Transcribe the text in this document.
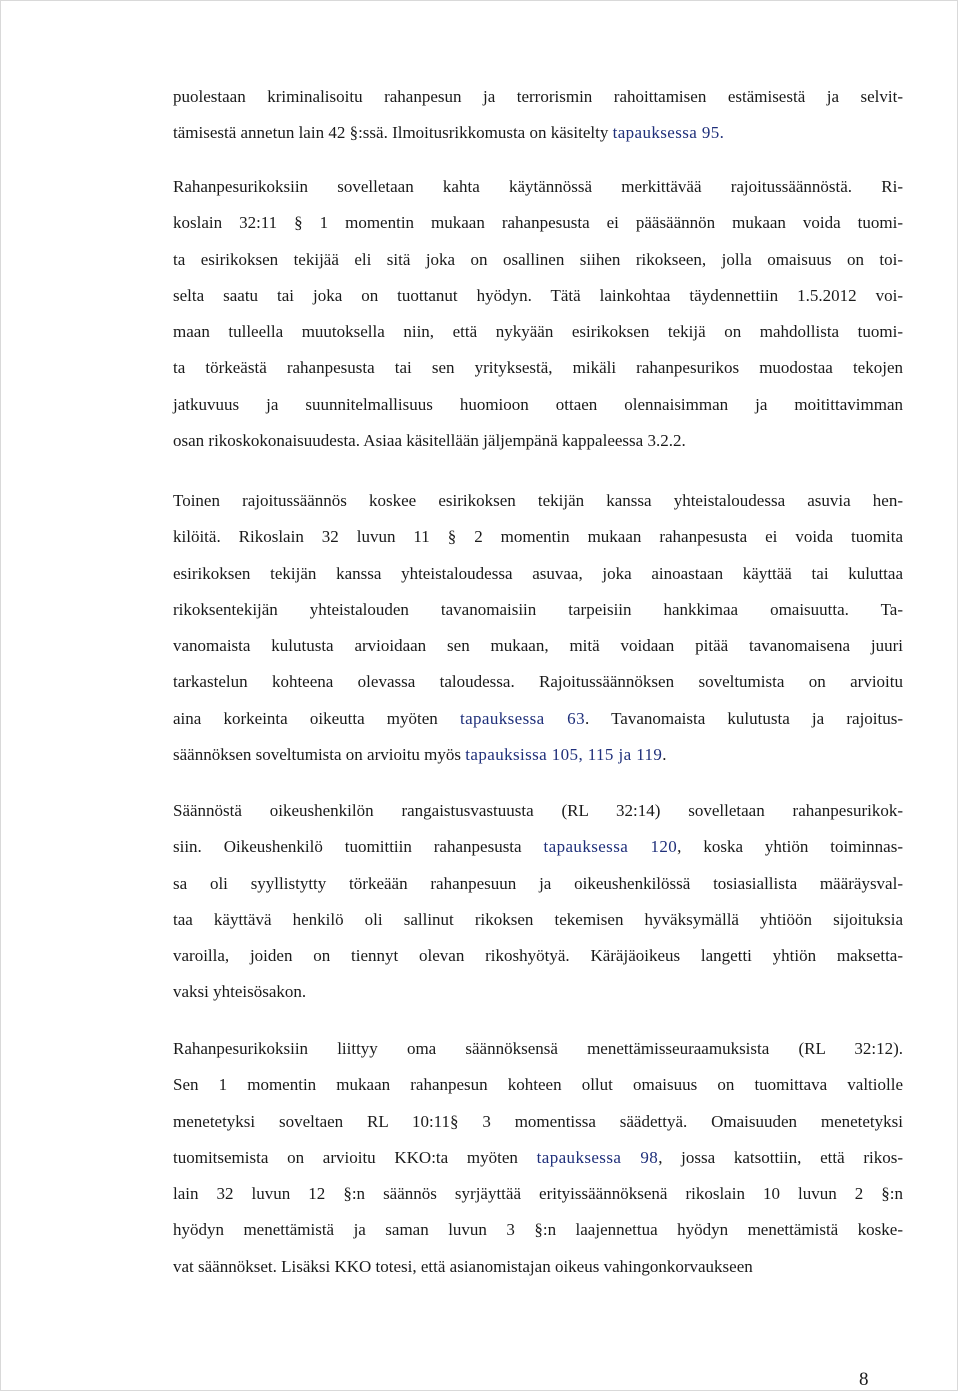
puolestaan kriminalisoitu rahanpesun ja terrorismin rahoittamisen estämisestä ja selvit-
tämisestä annetun lain 42 §:ssä. Ilmoitusrikkomusta on käsitelty tapauksessa 95.
Rahanpesurikoksiin sovelletaan kahta käytännössä merkittävää rajoitussäännöstä. Ri-
koslain 32:11 § 1 momentin mukaan rahanpesusta ei pääsäännön mukaan voida tuomi-
ta esirikoksen tekijää eli sitä joka on osallinen siihen rikokseen, jolla omaisuus on toi-
selta saatu tai joka on tuottanut hyödyn. Tätä lainkohtaa täydennettiin 1.5.2012 voi-
maan tulleella muutoksella niin, että nykyään esirikoksen tekijä on mahdollista tuomi-
ta törkeästä rahanpesusta tai sen yrityksestä, mikäli rahanpesurikos muodostaa tekojen
jatkuvuus ja suunnitelmallisuus huomioon ottaen olennaisimman ja moitittavimman
osan rikoskokonaisuudesta. Asiaa käsitellään jäljempänä kappaleessa 3.2.2.
Toinen rajoitussäännös koskee esirikoksen tekijän kanssa yhteistaloudessa asuvia hen-
kilöitä. Rikoslain 32 luvun 11 § 2 momentin mukaan rahanpesusta ei voida tuomita
esirikoksen tekijän kanssa yhteistaloudessa asuvaa, joka ainoastaan käyttää tai kuluttaa
rikoksentekijän yhteistalouden tavanomaisiin tarpeisiin hankkimaa omaisuutta. Ta-
vanomaista kulutusta arvioidaan sen mukaan, mitä voidaan pitää tavanomaisena juuri
tarkastelun kohteena olevassa taloudessa. Rajoitussäännöksen soveltumista on arvioitu
aina korkeinta oikeutta myöten tapauksessa 63. Tavanomaista kulutusta ja rajoitus-
säännöksen soveltumista on arvioitu myös tapauksissa 105, 115 ja 119.
Säännöstä oikeushenkilön rangaistusvastuusta (RL 32:14) sovelletaan rahanpesurikok-
siin. Oikeushenkilö tuomittiin rahanpesusta tapauksessa 120, koska yhtiön toiminnas-
sa oli syyllistytty törkeään rahanpesuun ja oikeushenkilössä tosiasiallista määräysval-
taa käyttävä henkilö oli sallinut rikoksen tekemisen hyväksymällä yhtiöön sijoituksia
varoilla, joiden on tiennyt olevan rikoshyötyä. Käräjäoikeus langetti yhtiön maksetta-
vaksi yhteisösakon.
Rahanpesurikoksiin liittyy oma säännöksensä menettämisseuraamuksista (RL 32:12).
Sen 1 momentin mukaan rahanpesun kohteen ollut omaisuus on tuomittava valtiolle
menetetyksi soveltaen RL 10:11§ 3 momentissa säädettyä. Omaisuuden menetetyksi
tuomitsemista on arvioitu KKO:ta myöten tapauksessa 98, jossa katsottiin, että rikos-
lain 32 luvun 12 §:n säännös syrjäyttää erityissäännöksenä rikoslain 10 luvun 2 §:n
hyödyn menettämistä ja saman luvun 3 §:n laajennettua hyödyn menettämistä koske-
vat säännökset. Lisäksi KKO totesi, että asianomistajan oikeus vahingonkorvaukseen
8
